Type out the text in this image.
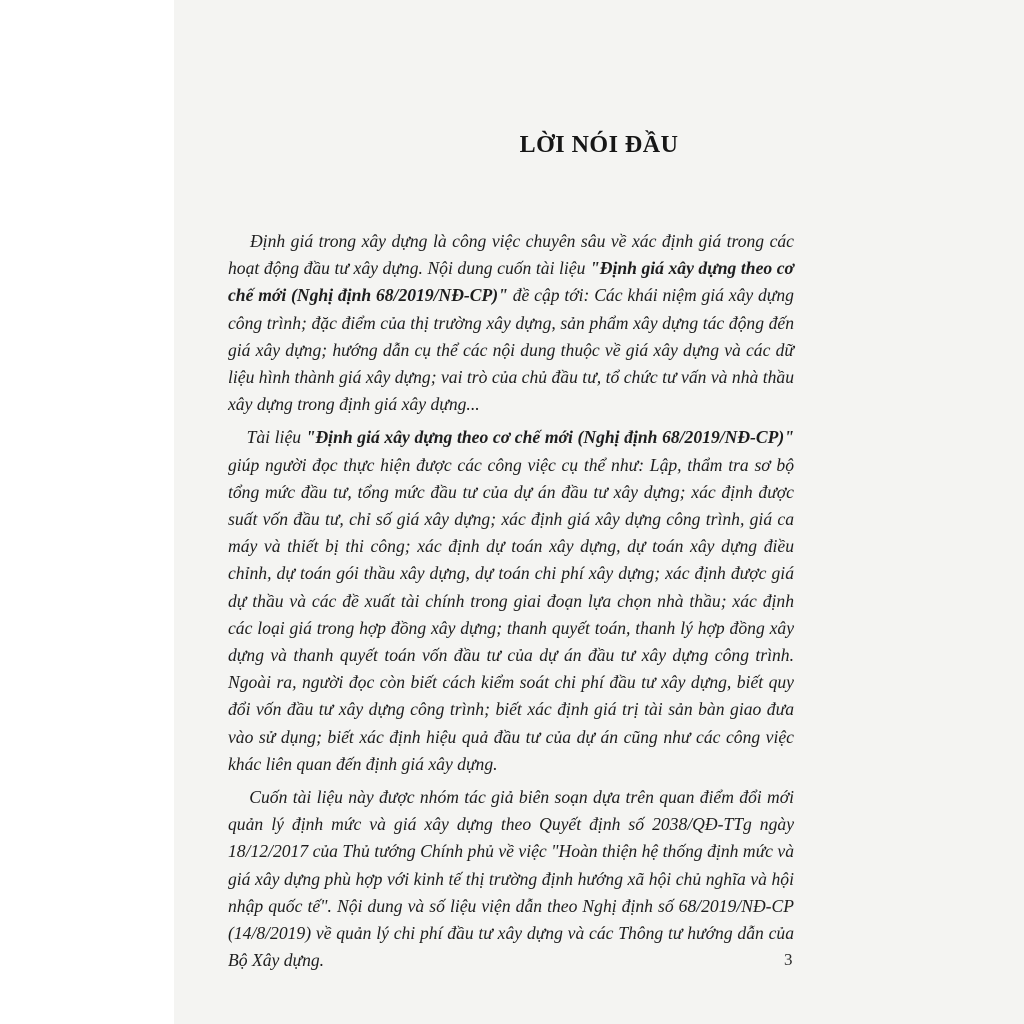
LỜI NÓI ĐẦU

Định giá trong xây dựng là công việc chuyên sâu về xác định giá trong các hoạt động đầu tư xây dựng. Nội dung cuốn tài liệu "Định giá xây dựng theo cơ chế mới (Nghị định 68/2019/NĐ-CP)" đề cập tới: Các khái niệm giá xây dựng công trình; đặc điểm của thị trường xây dựng, sản phẩm xây dựng tác động đến giá xây dựng; hướng dẫn cụ thể các nội dung thuộc về giá xây dựng và các dữ liệu hình thành giá xây dựng; vai trò của chủ đầu tư, tổ chức tư vấn và nhà thầu xây dựng trong định giá xây dựng...

Tài liệu "Định giá xây dựng theo cơ chế mới (Nghị định 68/2019/NĐ-CP)" giúp người đọc thực hiện được các công việc cụ thể như: Lập, thẩm tra sơ bộ tổng mức đầu tư, tổng mức đầu tư của dự án đầu tư xây dựng; xác định được suất vốn đầu tư, chỉ số giá xây dựng; xác định giá xây dựng công trình, giá ca máy và thiết bị thi công; xác định dự toán xây dựng, dự toán xây dựng điều chỉnh, dự toán gói thầu xây dựng, dự toán chi phí xây dựng; xác định được giá dự thầu và các đề xuất tài chính trong giai đoạn lựa chọn nhà thầu; xác định các loại giá trong hợp đồng xây dựng; thanh quyết toán, thanh lý hợp đồng xây dựng và thanh quyết toán vốn đầu tư của dự án đầu tư xây dựng công trình. Ngoài ra, người đọc còn biết cách kiểm soát chi phí đầu tư xây dựng, biết quy đổi vốn đầu tư xây dựng công trình; biết xác định giá trị tài sản bàn giao đưa vào sử dụng; biết xác định hiệu quả đầu tư của dự án cũng như các công việc khác liên quan đến định giá xây dựng.

Cuốn tài liệu này được nhóm tác giả biên soạn dựa trên quan điểm đổi mới quản lý định mức và giá xây dựng theo Quyết định số 2038/QĐ-TTg ngày 18/12/2017 của Thủ tướng Chính phủ về việc "Hoàn thiện hệ thống định mức và giá xây dựng phù hợp với kinh tế thị trường định hướng xã hội chủ nghĩa và hội nhập quốc tế". Nội dung và số liệu viện dẫn theo Nghị định số 68/2019/NĐ-CP (14/8/2019) về quản lý chi phí đầu tư xây dựng và các Thông tư hướng dẫn của Bộ Xây dựng.	3
